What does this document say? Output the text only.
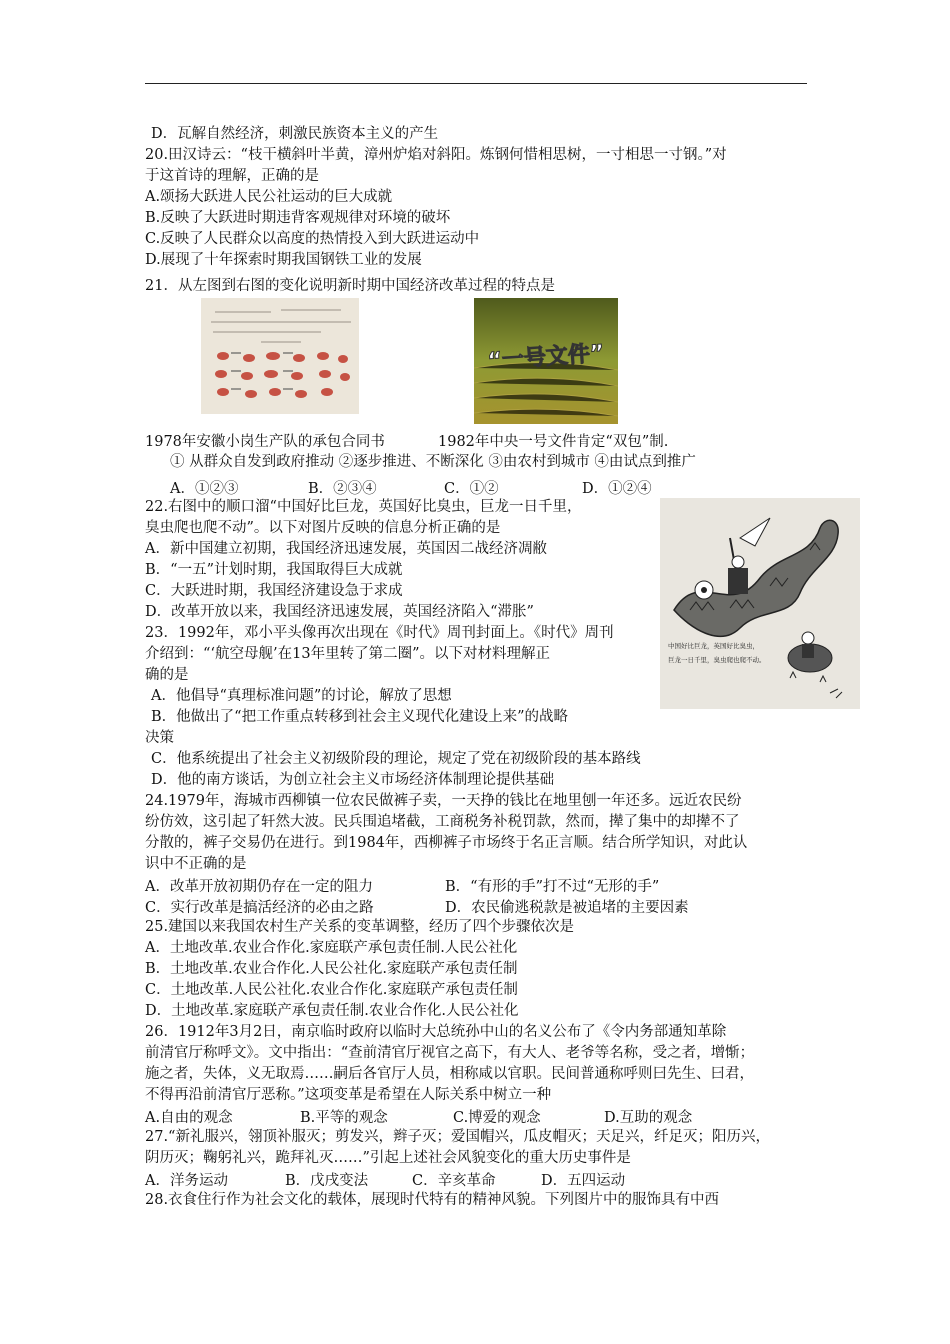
D．瓦解自然经济，刺激民族资本主义的产生
20.田汉诗云：“枝干横斜叶半黄，漳州炉焰对斜阳。炼钢何惜相思树，一寸相思一寸钢。”对
于这首诗的理解，正确的是
A.颂扬大跃进人民公社运动的巨大成就
B.反映了大跃进时期违背客观规律对环境的破坏
C.反映了人民群众以高度的热情投入到大跃进运动中
D.展现了十年探索时期我国钢铁工业的发展
21．从左图到右图的变化说明新时期中国经济改革过程的特点是
“一号文件”
1978年安徽小岗生产队的承包合同书	1982年中央一号文件肯定“双包”制.
① 从群众自发到政府推动 ②逐步推进、不断深化 ③由农村到城市 ④由试点到推广
A．①②③	B．②③④	C．①②	D．①②④
中国好比巨龙，英国好比臭虫，
巨龙一日千里，臭虫爬也爬不动。
22.右图中的顺口溜“中国好比巨龙，英国好比臭虫，巨龙一日千里，
臭虫爬也爬不动”。以下对图片反映的信息分析正确的是
A．新中国建立初期，我国经济迅速发展，英国因二战经济凋敝
B．“一五”计划时期，我国取得巨大成就
C．大跃进时期，我国经济建设急于求成
D．改革开放以来，我国经济迅速发展，英国经济陷入“滞胀”
23．1992年，邓小平头像再次出现在《时代》周刊封面上。《时代》周刊
介绍到：“‘航空母舰’在13年里转了第二圈”。以下对材料理解正
确的是
A．他倡导“真理标准问题”的讨论，解放了思想
B．他做出了“把工作重点转移到社会主义现代化建设上来”的战略
决策
C．他系统提出了社会主义初级阶段的理论，规定了党在初级阶段的基本路线
D．他的南方谈话，为创立社会主义市场经济体制理论提供基础
24.1979年，海城市西柳镇一位农民做裤子卖，一天挣的钱比在地里刨一年还多。远近农民纷
纷仿效，这引起了轩然大波。民兵围追堵截，工商税务补税罚款，然而，撵了集中的却撵不了
分散的，裤子交易仍在进行。到1984年，西柳裤子市场终于名正言顺。结合所学知识，对此认
识中不正确的是
A．改革开放初期仍存在一定的阻力	B．“有形的手”打不过“无形的手”
C．实行改革是搞活经济的必由之路	D．农民偷逃税款是被追堵的主要因素
25.建国以来我国农村生产关系的变革调整，经历了四个步骤依次是
A．土地改革.农业合作化.家庭联产承包责任制.人民公社化
B．土地改革.农业合作化.人民公社化.家庭联产承包责任制
C．土地改革.人民公社化.农业合作化.家庭联产承包责任制
D．土地改革.家庭联产承包责任制.农业合作化.人民公社化
26．1912年3月2日，南京临时政府以临时大总统孙中山的名义公布了《令内务部通知革除
前清官厅称呼文》。文中指出：“查前清官厅视官之高下，有大人、老爷等名称，受之者，增惭；
施之者，失体，义无取焉……嗣后各官厅人员，相称咸以官职。民间普通称呼则曰先生、曰君，
不得再沿前清官厅恶称。”这项变革是希望在人际关系中树立一种
A.自由的观念	B.平等的观念	C.博爱的观念	D.互助的观念
27.“新礼服兴，翎顶补服灭；剪发兴，辫子灭；爱国帽兴，瓜皮帽灭；天足兴，纤足灭；阳历兴，
阴历灭；鞠躬礼兴，跪拜礼灭……”引起上述社会风貌变化的重大历史事件是
A．洋务运动	B．戊戌变法	C．辛亥革命	D．五四运动
28.衣食住行作为社会文化的载体，展现时代特有的精神风貌。下列图片中的服饰具有中西
